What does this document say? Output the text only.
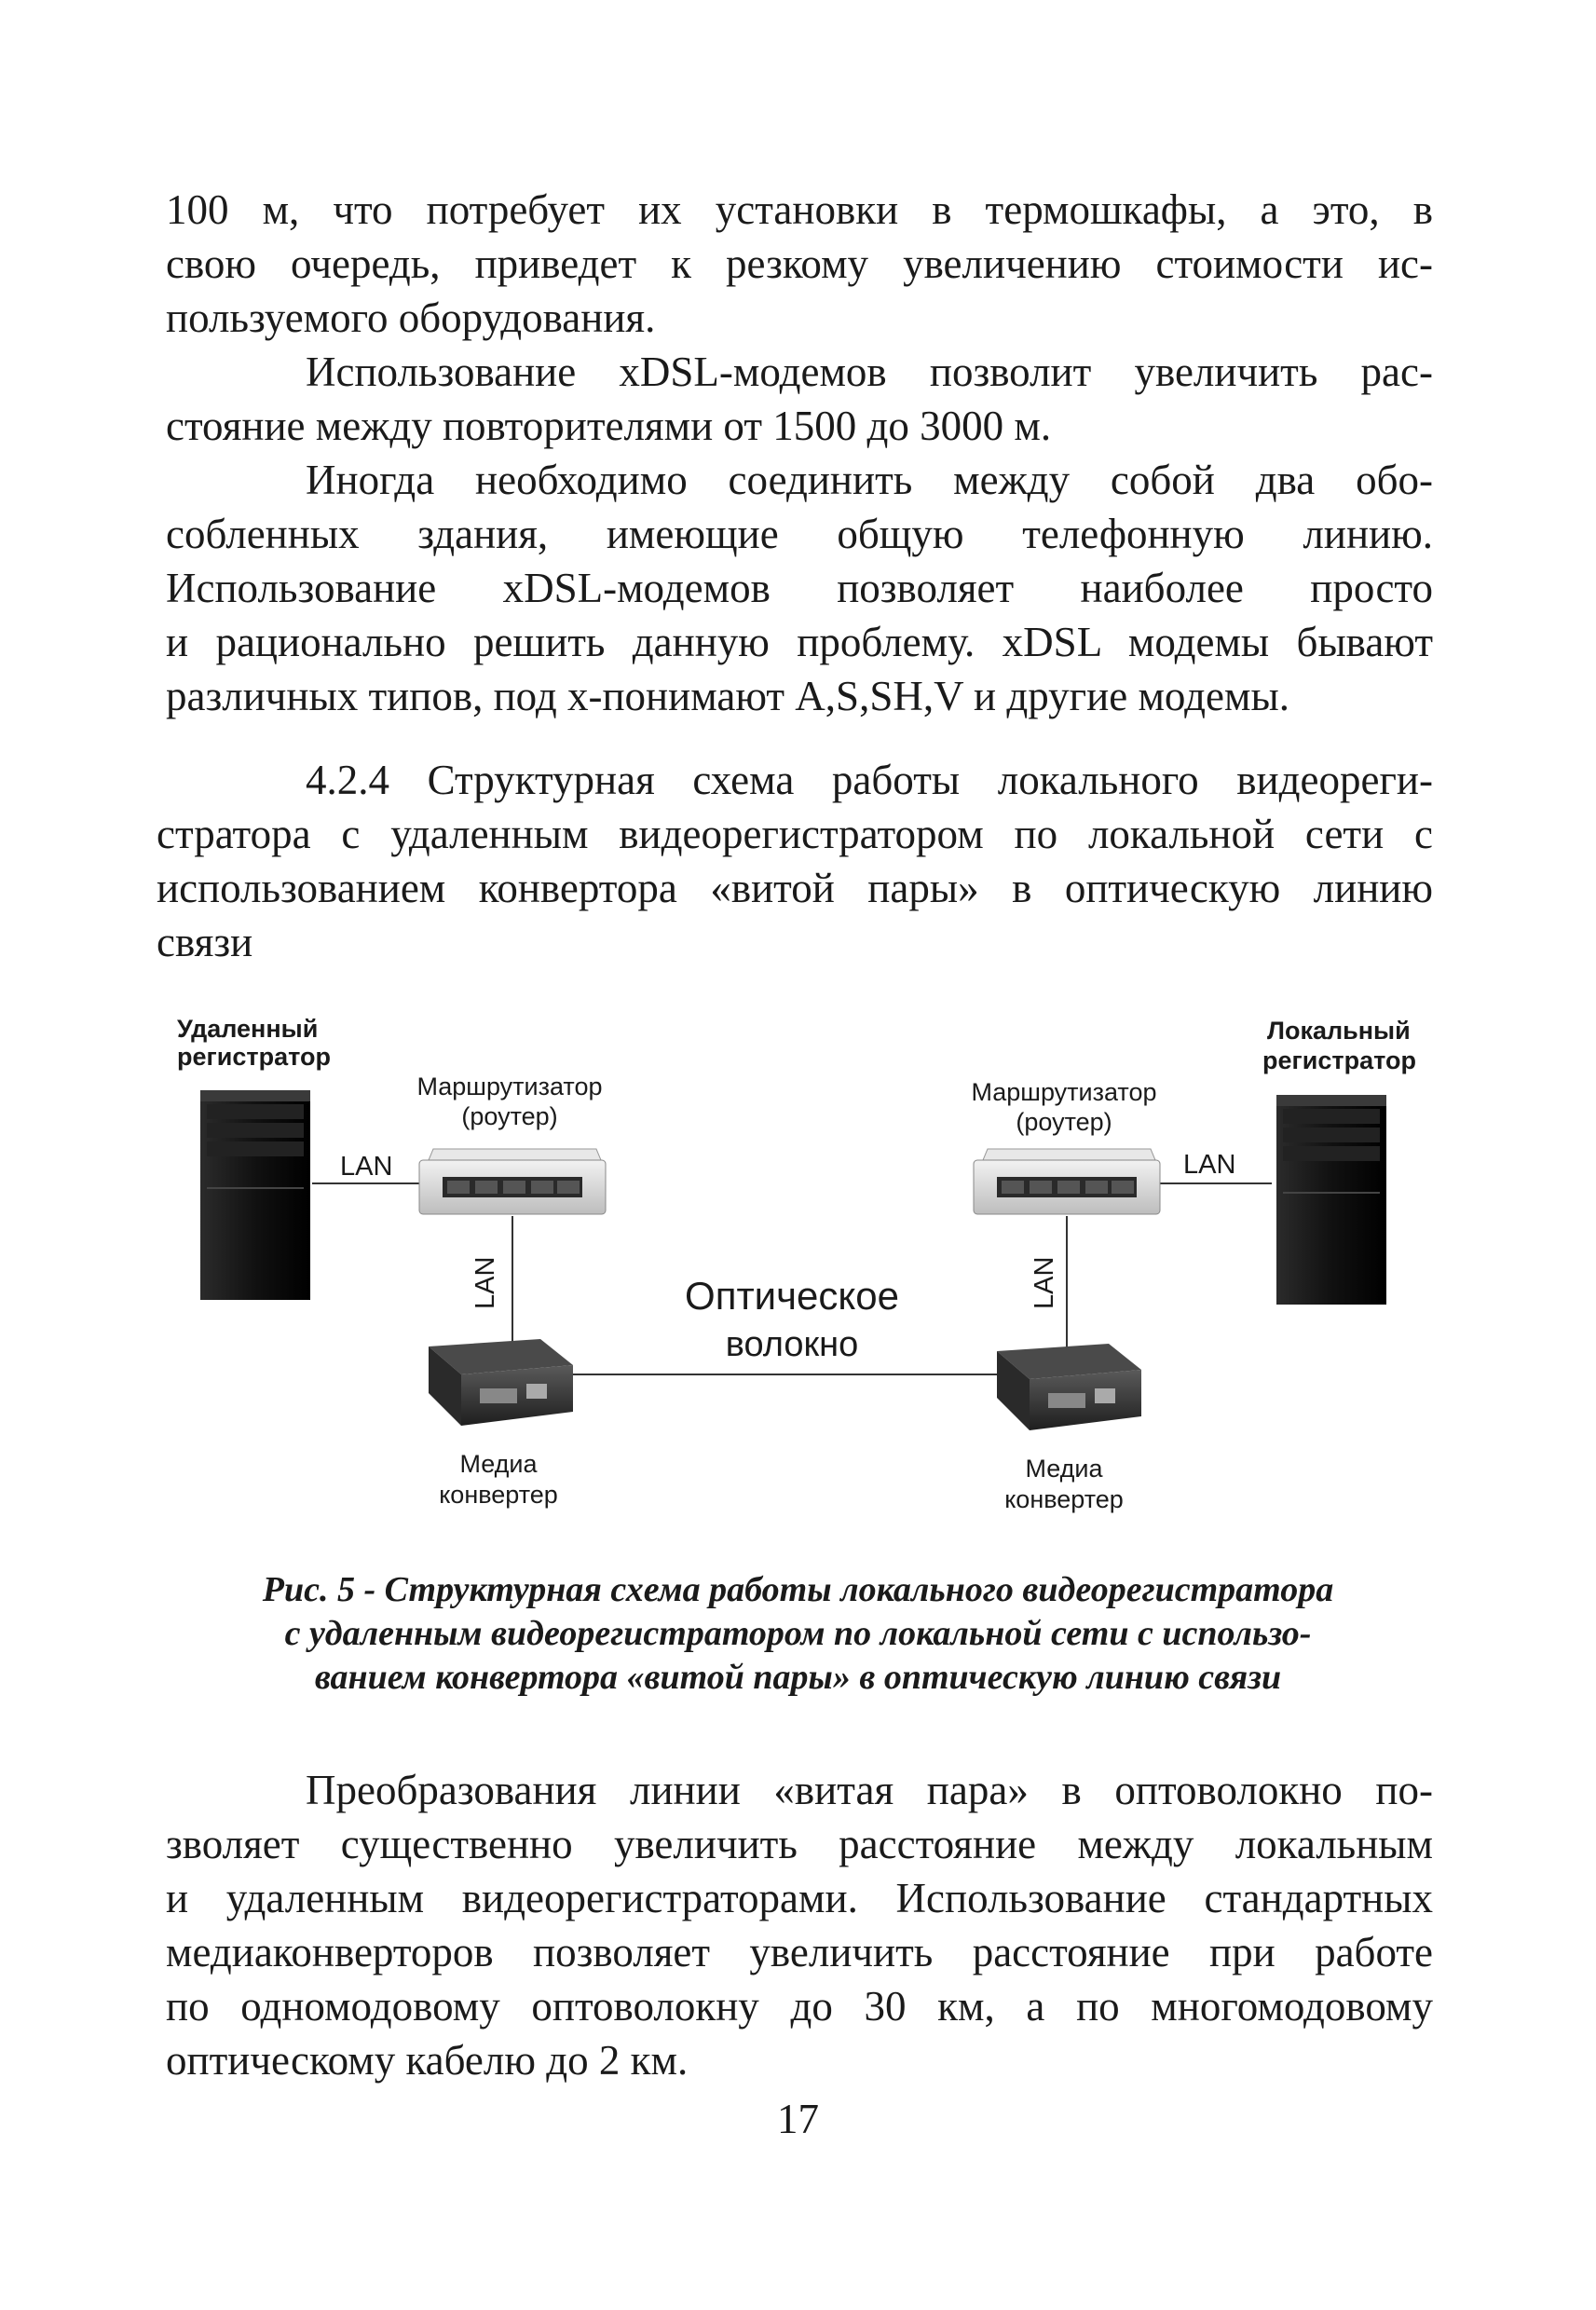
100 м, что потребует их установки в термошкафы, а это, в
свою очередь, приведет к резкому увеличению стоимости ис-
пользуемого оборудования.
Использование xDSL-модемов позволит увеличить рас-
стояние между повторителями от 1500 до 3000 м.
Иногда необходимо соединить между собой два обо-
собленных здания, имеющие общую телефонную линию.
Использование xDSL-модемов позволяет наиболее просто
и рационально решить данную проблему. xDSL модемы бывают
различных типов, под x-понимают A,S,SH,V и другие модемы.
4.2.4 Структурная схема работы локального видеореги-
стратора с удаленным видеорегистратором по локальной сети с
использованием конвертора «витой пары» в оптическую линию
связи
Удаленный
регистратор
Локальный
регистратор
Маршрутизатор
(роутер)
Маршрутизатор
(роутер)
LAN	LAN
LAN	LAN
Оптическое
волокно
Медиа
конвертер
Медиа
конвертер
Рис. 5 - Структурная схема работы локального видеорегистратора
с удаленным видеорегистратором по локальной сети с использо-
ванием конвертора «витой пары» в оптическую линию связи
Преобразования линии «витая пара» в оптоволокно по-
зволяет существенно увеличить расстояние между локальным
и удаленным видеорегистраторами. Использование стандартных
медиаконверторов позволяет увеличить расстояние при работе
по одномодовому оптоволокну до 30 км, а по многомодовому
оптическому кабелю до 2 км.
17
